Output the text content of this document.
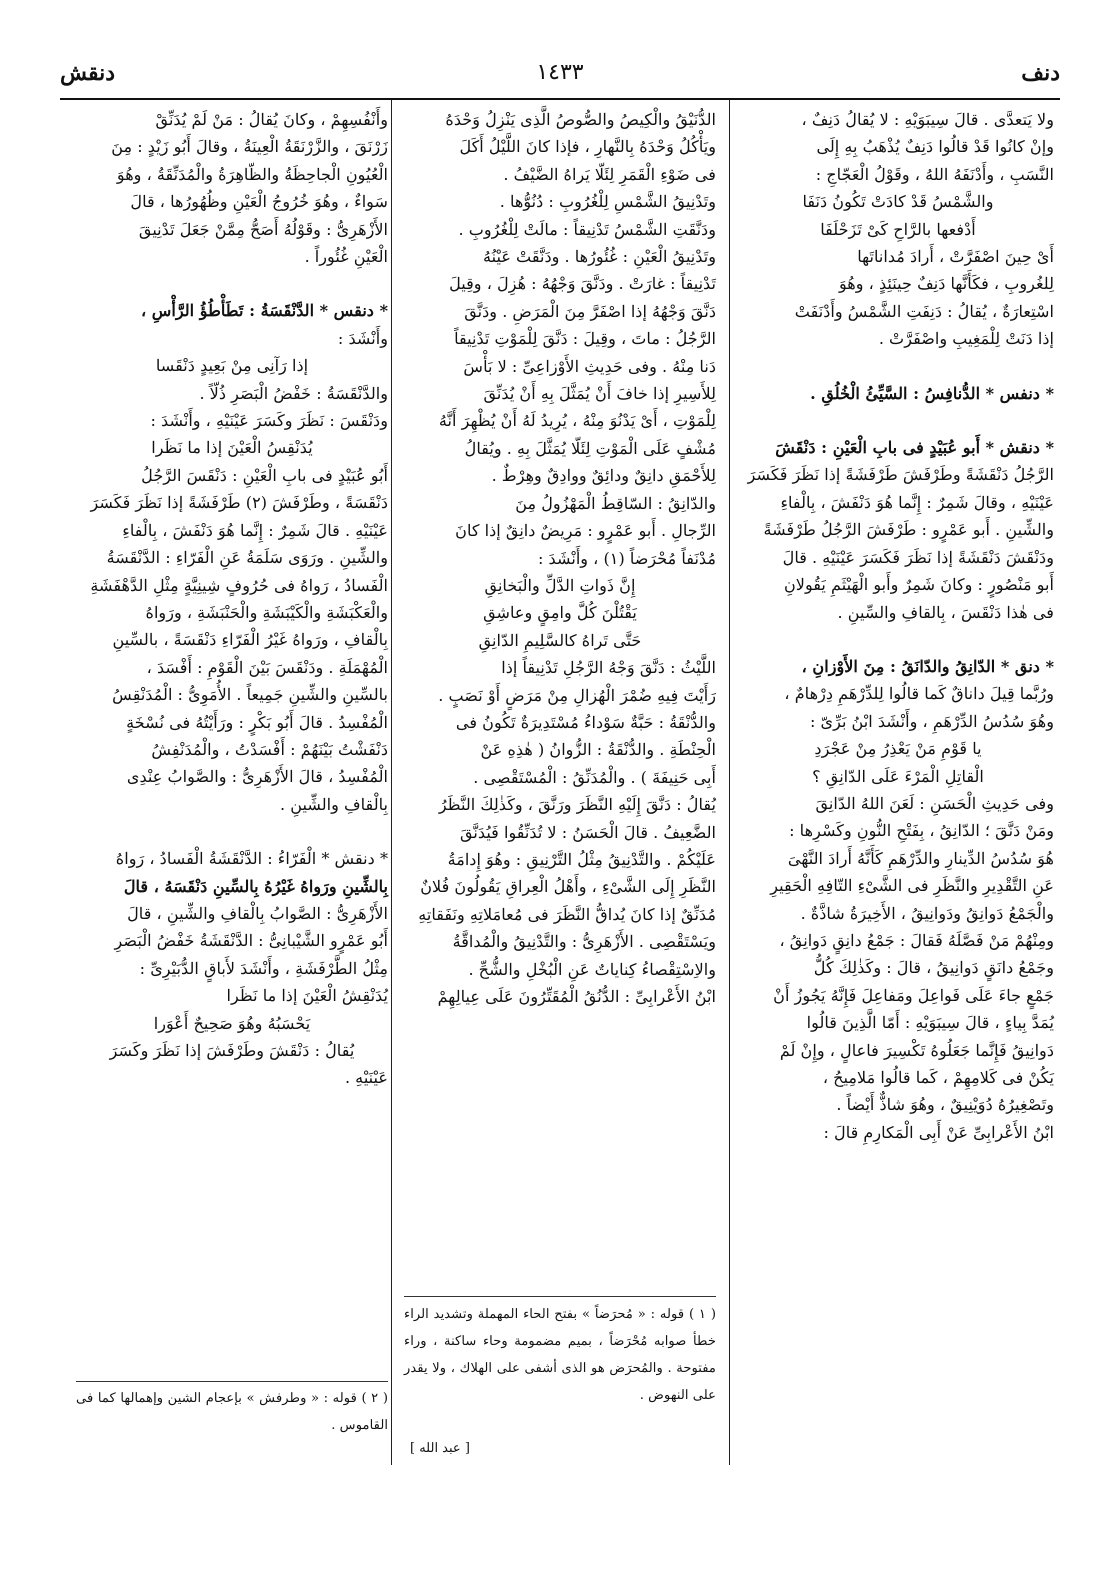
دنف
١٤٣٣
دنقش

ولا يَتعدَّى . قالَ سِيبَوَيْهِ : لا يُقالُ دَنِفٌ ،

وإنْ كانُوا قَدْ قالُوا دَنِفٌ يُذْهَبُ بِهِ إِلَى

النَّسَبِ ، وأَدْنَفَهُ اللهُ ، وقَوْلُ الْعَجّاجِ :

والشَّمْسُ قَدْ كادَتْ تَكُونُ دَنَفَا

أَدْفعها بالرَّاحِ كَىْ تَزَحْلَفَا

أَىْ حِينَ اصْفَرَّتْ ، أَرادَ مُداناتَها

لِلغُروبِ ، فكَأَنَّها دَنِفٌ حِينَئِذٍ ، وهُوَ

اسْتِعارَةٌ ، يُقالُ : دَنِفَتِ الشَّمْسُ وأَدْنَفَتْ

إذا دَنَتْ لِلْمَغِيبِ واصْفَرَّتْ .

* دنفس * الدُّنافِسُ : السَّيِّئُ الْخُلُقِ .

* دنقش * أَبو عُبَيْدٍ فى بابِ الْعَيْنِ : دَنْقَشَ

الرَّجُلُ دَنْقَشَةً وطَرْفَشَ طَرْفَشَةً إذا نَظَرَ فَكَسَرَ

عَيْنَيْهِ ، وقالَ شَمِرٌ : إِنَّما هُوَ دَنْفَشَ ، بِالْفاءِ

والشِّينِ . أَبو عَمْرٍو : طَرْفَشَ الرَّجُلُ طَرْفَشَةً

ودَنْقَشَ دَنْقَشَةً إذا نَظَرَ فَكَسَرَ عَيْنَيْهِ . قالَ

أَبو مَنْصُورٍ : وكانَ شَمِرٌ وأَبو الْهَيْثَمِ يَقُولانِ

فى هٰذا دَنْقَسَ ، بِالقافِ والسِّينِ .

* دنق * الدّانِقُ والدّانَقُ : مِنَ الأَوْزانِ ،

ورُبَّما قِيلَ داناقٌ كَما قالُوا لِلدِّرْهَمِ دِرْهامٌ ،

وهُوَ سُدُسُ الدِّرْهَمِ ، وأَنْشَدَ ابْنُ بَرِّىّ :

يا قَوْمِ مَنْ يَعْذِرُ مِنْ عَجْرَدِ

الْقاتِلِ الْمَرْءَ عَلَى الدّانِقِ ؟

وفى حَدِيثِ الْحَسَنِ : لَعَنَ اللهُ الدّانِقَ

ومَنْ دَنَّقَ ؛ الدّانِقُ ، بِفَتْحِ النُّونِ وكَسْرِها :

هُوَ سُدُسُ الدِّينارِ والدِّرْهَمِ كَأَنَّهُ أَرادَ النَّهْىَ

عَنِ التَّقْدِيرِ والنَّظَرِ فى الشَّىْءِ التّافِهِ الْحَقِيرِ

والْجَمْعُ دَوانِقُ ودَوانِيقُ ، الأَخِيرَةُ شاذَّةٌ .

ومِنْهُمْ مَنْ فَصَّلَهُ فَقالَ : جَمْعُ دانِقٍ دَوانِقُ ،

وجَمْعُ دانَقٍ دَوانِيقُ ، قالَ : وكَذٰلِكَ كُلُّ

جَمْعٍ جاءَ عَلَى فَواعِلَ ومَفاعِلَ فَإِنَّهُ يَجُوزُ أَنْ

يُمَدَّ بِياءٍ ، قالَ سِيبَوَيْهِ : أَمّا الَّذِينَ قالُوا

دَوانِيقُ فَإِنَّما جَعَلُوهُ تَكْسِيرَ فاعالٍ ، وإِنْ لَمْ

يَكُنْ فى كَلامِهِمْ ، كَما قالُوا مَلامِيحُ ،

وتَصْغِيرُهُ دُوَيْنِيقٌ ، وهُوَ شاذٌّ أَيْضاً .

ابْنُ الأَعْرابِىِّ عَنْ أَبِى الْمَكارِمِ قالَ :

الدُّنَيْقُ والْكِيصُ والصُّوصُ الَّذِى يَنْزِلُ وَحْدَهُ

ويَأْكُلُ وَحْدَهُ بِالنَّهارِ ، فإذا كانَ اللَّيْلُ أَكَلَ

فى ضَوْءِ الْقَمَرِ لِئَلّا يَراهُ الضَّيْفُ .

وتَدْنِيقُ الشَّمْسِ لِلْغُرُوبِ : دُنُوُّها .

ودَنَّقَتِ الشَّمْسُ تَدْنِيقاً : مالَتْ لِلْغُرُوبِ .

وتَدْنِيقُ الْعَيْنِ : غُئُورُها . ودَنَّقَتْ عَيْنُهُ

تَدْنِيقاً : غارَتْ . ودَنَّقَ وَجْهُهُ : هُزِلَ ، وقِيلَ

دَنَّقَ وَجْهُهُ إذا اصْفَرَّ مِنَ الْمَرَضِ . ودَنَّقَ

الرَّجُلُ : ماتَ ، وقِيلَ : دَنَّقَ لِلْمَوْتِ تَدْنِيقاً

دَنا مِنْهُ . وفى حَدِيثِ الأَوْزاعِىِّ : لا بَأْسَ

لِلأَسِيرِ إذا خافَ أَنْ يُمَثَّلَ بِهِ أَنْ يُدَنِّقَ

لِلْمَوْتِ ، أَىْ يَدْنُوَ مِنْهُ ، يُرِيدُ لَهُ أَنْ يُظْهِرَ أَنَّهُ

مُشْفٍ عَلَى الْمَوْتِ لِئَلّا يُمَثَّلَ بِهِ . ويُقالُ

لِلأَحْمَقِ دانِقٌ ودائِقٌ ووادِقٌ وهِرْطٌ .

والدّانِقُ : السّاقِطُ الْمَهْزُولُ مِنَ

الرِّجالِ . أَبو عَمْرٍو : مَرِيضٌ دانِقٌ إذا كانَ

مُدْنَفاً مُحْرَضاً (١) ، وأَنْشَدَ :

إِنَّ ذَواتِ الدَّلِّ والْبَخانِقِ

يَقْتُلْنَ كُلَّ وامِقٍ وعاشِقِ

حَتَّى تَراهُ كالسَّلِيمِ الدّانِقِ

اللَّيْثُ : دَنَّقَ وَجْهُ الرَّجُلِ تَدْنِيقاً إذا

رَأَيْتَ فِيهِ ضُمْرَ الْهُزالِ مِنْ مَرَضٍ أَوْ نَصَبٍ .

والدُّنْقَةُ : حَبَّةٌ سَوْداءُ مُسْتَدِيرَةٌ تَكُونُ فى

الْحِنْطَةِ . والدُّنْقَةُ : الزُّوانُ ( هٰذِهِ عَنْ

أَبِى حَنِيفَةَ ) . والْمُدَنِّقُ : الْمُسْتَقْصِى .

يُقالُ : دَنَّقَ إِلَيْهِ النَّظَرَ ورَنَّقَ ، وكَذٰلِكَ النَّظَرُ

الضَّعِيفُ . قالَ الْحَسَنُ : لا تُدَنِّقُوا فَيُدَنَّقَ

عَلَيْكُمْ . والتَّدْنِيقُ مِثْلُ التَّرْنِيقِ : وهُوَ إِدامَةُ

النَّظَرِ إِلَى الشَّىْءِ ، وأَهْلُ الْعِراقِ يَقُولُونَ فُلانٌ

مُدَنِّقٌ إذا كانَ يُداقُّ النَّظَرَ فى مُعامَلاتِهِ ونَفَقاتِهِ

ويَسْتَقْصِى . الأَزْهَرِىُّ : والتَّدْنِيقُ والْمُداقَّةُ

والاِسْتِقْصاءُ كِناياتٌ عَنِ الْبُخْلِ والشُّحِّ .

ابْنُ الأَعْرابِىِّ : الدُّنُقُ الْمُقَتِّرُونَ عَلَى عِيالِهِمْ

وأَنْفُسِهِمْ ، وكانَ يُقالُ : مَنْ لَمْ يُدَنِّقْ

زَرْنَقَ ، والزَّرْنَقَةُ الْعِينَةُ ، وقالَ أَبُو زَيْدٍ : مِنَ

الْعُيُونِ الْجاحِظَةُ والظّاهِرَةُ والْمُدَنِّقَةُ ، وهُوَ

سَواءٌ ، وهُوَ خُرُوجُ الْعَيْنِ وظُهُورُها ، قالَ

الأَزْهَرِىُّ : وقَوْلُهُ أَصَحُّ مِمَّنْ جَعَلَ تَدْنِيقَ

الْعَيْنِ غُئُوراً .

* دنقس * الدَّنْقَسَةُ : تَطَأْطُؤُ الرَّأْسِ ،

وأَنْشَدَ :

إذا رَآنِى مِنْ بَعِيدٍ دَنْقَسا

والدَّنْقَسَةُ : خَفْضُ الْبَصَرِ ذُلّاً .

ودَنْقَسَ : نَظَرَ وكَسَرَ عَيْنَيْهِ ، وأَنْشَدَ :

يُدَنْقِسُ الْعَيْنَ إذا ما نَظَرا

أَبُو عُبَيْدٍ فى بابِ الْعَيْنِ : دَنْقَسَ الرَّجُلُ

دَنْقَسَةً ، وطَرْفَشَ (٢) طَرْفَشَةً إذا نَظَرَ فَكَسَرَ

عَيْنَيْهِ . قالَ شَمِرٌ : إِنَّما هُوَ دَنْفَشَ ، بِالْفاءِ

والشِّينِ . ورَوَى سَلَمَةُ عَنِ الْفَرّاءِ : الدَّنْقَسَةُ

الْفَسادُ ، رَواهُ فى حُرُوفٍ شِينِيَّةٍ مِثْلِ الدَّهْفَشَةِ

والْعَكْبَشَةِ والْكَيْبَشَةِ والْحَنْبَشَةِ ، ورَواهُ

بِالْقافِ ، ورَواهُ غَيْرُ الْفَرّاءِ دَنْقَسَةً ، بالسِّينِ

الْمُهْمَلَةِ . ودَنْقَسَ بَيْنَ الْقَوْمِ : أَفْسَدَ ،

بالسِّينِ والشِّينِ جَمِيعاً . الأُمَوِىُّ : الْمُدَنْقِسُ

الْمُفْسِدُ . قالَ أَبُو بَكْرٍ : ورَأَيْتُهُ فى نُسْخَةٍ

دَنْفَشْتُ بَيْنَهُمْ : أَفْسَدْتُ ، والْمُدَنْفِشُ

الْمُفْسِدُ ، قالَ الأَزْهَرِىُّ : والصَّوابُ عِنْدِى

بِالْقافِ والشِّينِ .

* دنقش * الْفَرّاءُ : الدَّنْقَشَةُ الْفَسادُ ، رَواهُ

بِالشِّينِ ورَواهُ غَيْرُهُ بِالسِّينِ دَنْقَسَهُ ، قالَ

الأَزْهَرِىُّ : الصَّوابُ بِالْقافِ والشِّينِ ، قالَ

أَبُو عَمْرٍو الشَّيْبانِىُّ : الدَّنْقَشَةُ خَفْضُ الْبَصَرِ

مِثْلُ الطَّرْفَشَةِ ، وأَنْشَدَ لأَباقٍ الدُّبَيْرِىِّ :

يُدَنْقِشُ الْعَيْنَ إذا ما نَظَرا

يَحْسَبُهُ وهُوَ صَحِيحٌ أَعْوَرا

يُقالُ : دَنْقَشَ وطَرْفَشَ إذا نَظَرَ وكَسَرَ

عَيْنَيْهِ .

( ١ ) قوله : « مُحرَضاً » بفتح الحاء المهملة وتشديد الراء خطأ صوابه مُحْرَضاً ، بميم مضمومة وحاء ساكنة ، وراء مفتوحة . والمُحرَض هو الذى أشفى على الهلاك ، ولا يقدر على النهوض .
[ عبد الله ]
( ٢ ) قوله : « وطرفش » بإعجام الشين وإهمالها كما فى القاموس .
